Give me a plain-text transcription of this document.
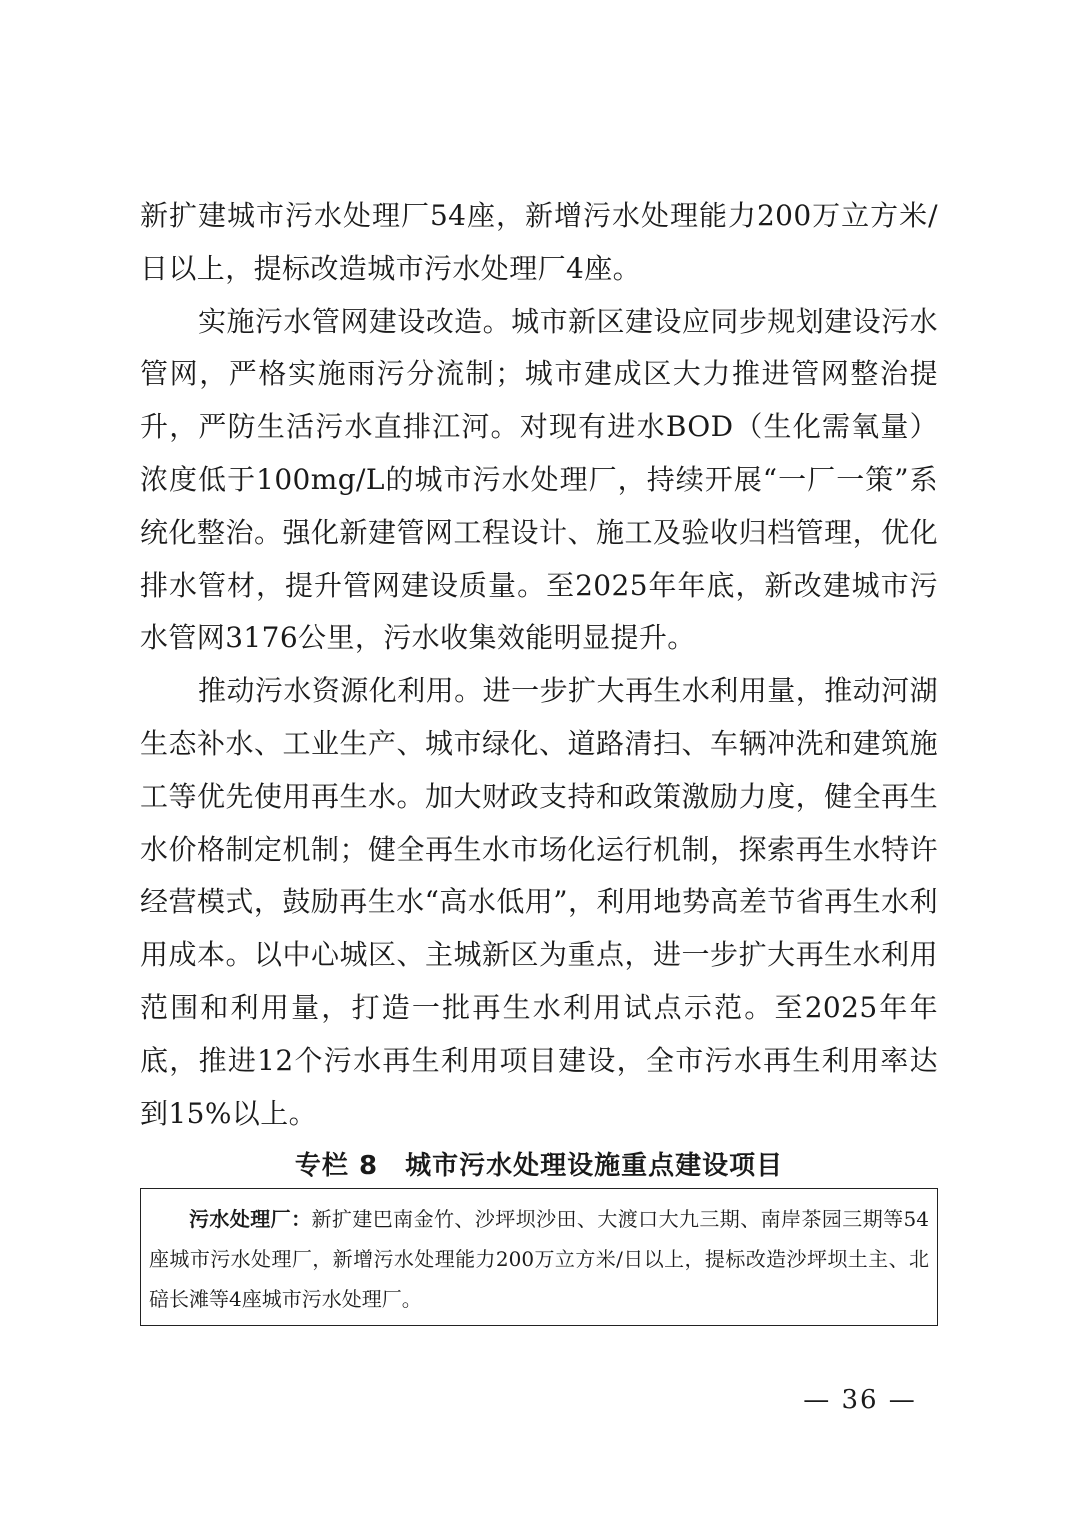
新扩建城市污水处理厂54座，新增污水处理能力200万立方米/日以上，提标改造城市污水处理厂4座。

实施污水管网建设改造。城市新区建设应同步规划建设污水管网，严格实施雨污分流制；城市建成区大力推进管网整治提升，严防生活污水直排江河。对现有进水BOD（生化需氧量）浓度低于100mg/L的城市污水处理厂，持续开展“一厂一策”系统化整治。强化新建管网工程设计、施工及验收归档管理，优化排水管材，提升管网建设质量。至2025年年底，新改建城市污水管网3176公里，污水收集效能明显提升。

推动污水资源化利用。进一步扩大再生水利用量，推动河湖生态补水、工业生产、城市绿化、道路清扫、车辆冲洗和建筑施工等优先使用再生水。加大财政支持和政策激励力度，健全再生水价格制定机制；健全再生水市场化运行机制，探索再生水特许经营模式，鼓励再生水“高水低用”，利用地势高差节省再生水利用成本。以中心城区、主城新区为重点，进一步扩大再生水利用范围和利用量，打造一批再生水利用试点示范。至2025年年底，推进12个污水再生利用项目建设，全市污水再生利用率达到15%以上。

专栏 8　城市污水处理设施重点建设项目

污水处理厂：新扩建巴南金竹、沙坪坝沙田、大渡口大九三期、南岸茶园三期等54座城市污水处理厂，新增污水处理能力200万立方米/日以上，提标改造沙坪坝土主、北碚长滩等4座城市污水处理厂。

— 36 —
